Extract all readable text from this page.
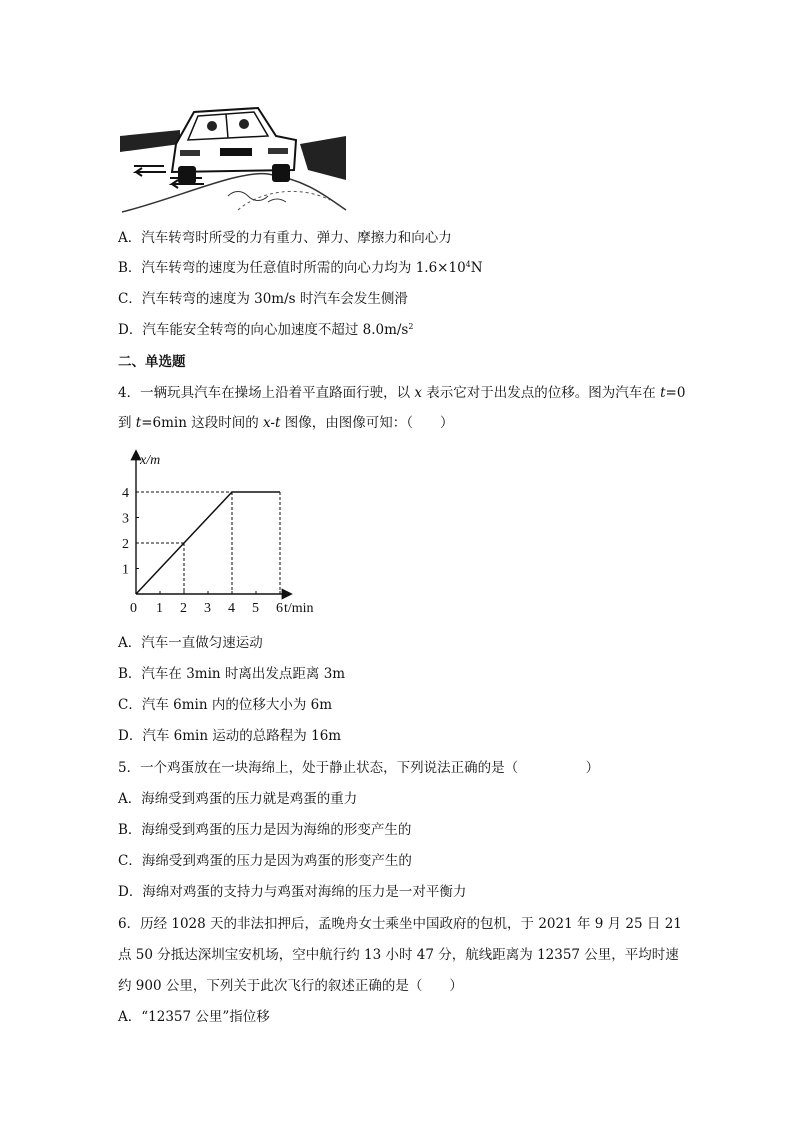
A．汽车转弯时所受的力有重力、弹力、摩擦力和向心力
B．汽车转弯的速度为任意值时所需的向心力均为 $1.6\times 10^4N$
C．汽车转弯的速度为 30m/s 时汽车会发生侧滑
D．汽车能安全转弯的向心加速度不超过 $8.0m/s^2$
二、单选题
4．一辆玩具汽车在操场上沿着平直路面行驶，以 x 表示它对于出发点的位移。图为汽车在 t=0
到 t=6min 这段时间的 x-t 图像，由图像可知：（　　）
x/m
t/min
0 1 2 3 4 5 6
1
2
3
4
A．汽车一直做匀速运动
B．汽车在 3min 时离出发点距离 3m
C．汽车 6min 内的位移大小为 6m
D．汽车 6min 运动的总路程为 16m
5．一个鸡蛋放在一块海绵上，处于静止状态，下列说法正确的是（　　　　　）
A．海绵受到鸡蛋的压力就是鸡蛋的重力
B．海绵受到鸡蛋的压力是因为海绵的形变产生的
C．海绵受到鸡蛋的压力是因为鸡蛋的形变产生的
D．海绵对鸡蛋的支持力与鸡蛋对海绵的压力是一对平衡力
6．历经 1028 天的非法扣押后，孟晚舟女士乘坐中国政府的包机，于 2021 年 9 月 25 日 21
点 50 分抵达深圳宝安机场，空中航行约 13 小时 47 分，航线距离为 12357 公里，平均时速
约 900 公里，下列关于此次飞行的叙述正确的是（　　）
A．“12357 公里”指位移
